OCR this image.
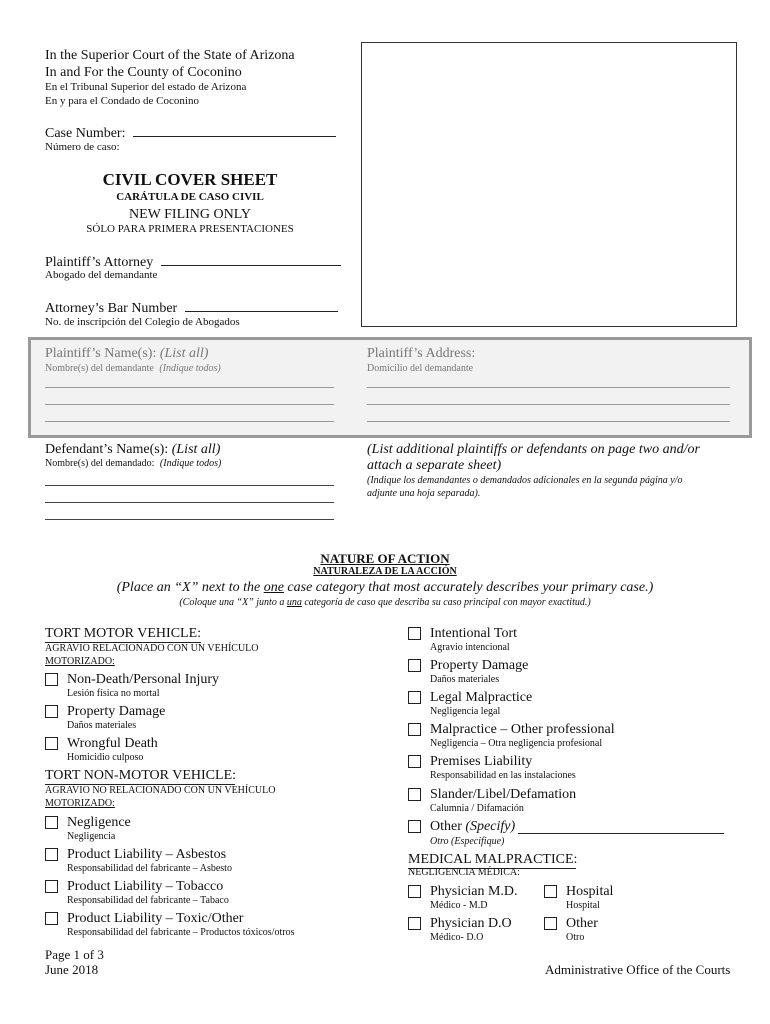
In the Superior Court of the State of Arizona
In and For the County of Coconino
En el Tribunal Superior del estado de Arizona
En y para el Condado de Coconino
Case Number:
Número de caso:
CIVIL COVER SHEET
CARÁTULA DE CASO CIVIL
NEW FILING ONLY
SÓLO PARA PRIMERA PRESENTACIONES
Plaintiff’s Attorney
Abogado del demandante
Attorney’s Bar Number
No. de inscripción del Colegio de Abogados
Plaintiff’s Name(s): (List all)
Nombre(s) del demandante (Indique todos)
Plaintiff’s Address:
Domicilio del demandante
Defendant’s Name(s): (List all)
Nombre(s) del demandado: (Indique todos)
(List additional plaintiffs or defendants on page two and/or
attach a separate sheet)
(Indique los demandantes o demandados adicionales en la segunda página y/o
adjunte una hoja separada).
NATURE OF ACTION
NATURALEZA DE LA ACCIÓN
(Place an “X” next to the one case category that most accurately describes your primary case.)
(Coloque una “X” junto a una categoría de caso que describa su caso principal con mayor exactitud.)
TORT MOTOR VEHICLE:
AGRAVIO RELACIONADO CON UN VEHÍCULO
MOTORIZADO:
Non-Death/Personal Injury
Lesión física no mortal
Property Damage
Daños materiales
Wrongful Death
Homicidio culposo
TORT NON-MOTOR VEHICLE:
AGRAVIO NO RELACIONADO CON UN VEHÍCULO
MOTORIZADO:
Negligence
Negligencia
Product Liability – Asbestos
Responsabilidad del fabricante – Asbesto
Product Liability – Tobacco
Responsabilidad del fabricante – Tabaco
Product Liability – Toxic/Other
Responsabilidad del fabricante – Productos tóxicos/otros
Intentional Tort
Agravio intencional
Property Damage
Daños materiales
Legal Malpractice
Negligencia legal
Malpractice – Other professional
Negligencia – Otra negligencia profesional
Premises Liability
Responsabilidad en las instalaciones
Slander/Libel/Defamation
Calumnia / Difamación
Other (Specify)
Otro (Especifique)
MEDICAL MALPRACTICE:
NEGLIGENCIA MÉDICA:
Physician M.D.
Médico - M.D
Hospital
Hospital
Physician D.O
Médico- D.O
Other
Otro
Page 1 of 3
June 2018	Administrative Office of the Courts
